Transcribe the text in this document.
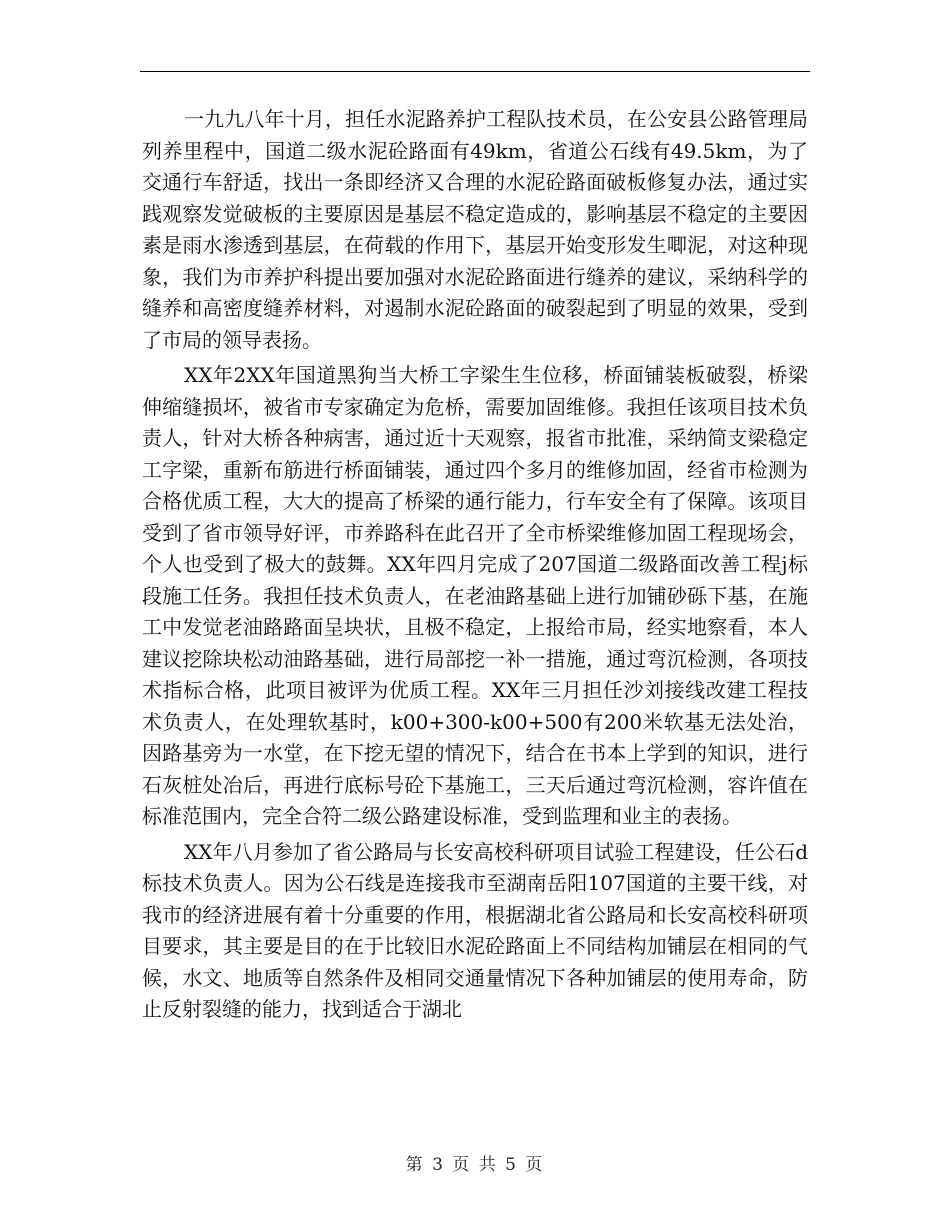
一九九八年十月，担任水泥路养护工程队技术员，在公安县公路管理局列养里程中，国道二级水泥砼路面有49km，省道公石线有49.5km，为了交通行车舒适，找出一条即经济又合理的水泥砼路面破板修复办法，通过实践观察发觉破板的主要原因是基层不稳定造成的，影响基层不稳定的主要因素是雨水渗透到基层，在荷载的作用下，基层开始变形发生唧泥，对这种现象，我们为市养护科提出要加强对水泥砼路面进行缝养的建议，采纳科学的缝养和高密度缝养材料，对遏制水泥砼路面的破裂起到了明显的效果，受到了市局的领导表扬。

XX年2XX年国道黑狗当大桥工字梁生生位移，桥面铺装板破裂，桥梁伸缩缝损坏，被省市专家确定为危桥，需要加固维修。我担任该项目技术负责人，针对大桥各种病害，通过近十天观察，报省市批准，采纳简支梁稳定工字梁，重新布筋进行桥面铺装，通过四个多月的维修加固，经省市检测为合格优质工程，大大的提高了桥梁的通行能力，行车安全有了保障。该项目受到了省市领导好评，市养路科在此召开了全市桥梁维修加固工程现场会，个人也受到了极大的鼓舞。XX年四月完成了207国道二级路面改善工程j标段施工任务。我担任技术负责人，在老油路基础上进行加铺砂砾下基，在施工中发觉老油路路面呈块状，且极不稳定，上报给市局，经实地察看，本人建议挖除块松动油路基础，进行局部挖一补一措施，通过弯沉检测，各项技术指标合格，此项目被评为优质工程。XX年三月担任沙刘接线改建工程技术负责人，在处理软基时，k00+300-k00+500有200米软基无法处治，因路基旁为一水堂，在下挖无望的情况下，结合在书本上学到的知识，进行石灰桩处冶后，再进行底标号砼下基施工，三天后通过弯沉检测，容许值在标准范围内，完全合符二级公路建设标准，受到监理和业主的表扬。

XX年八月参加了省公路局与长安高校科研项目试验工程建设，任公石d标技术负责人。因为公石线是连接我市至湖南岳阳107国道的主要干线，对我市的经济进展有着十分重要的作用，根据湖北省公路局和长安高校科研项目要求，其主要是目的在于比较旧水泥砼路面上不同结构加铺层在相同的气候，水文、地质等自然条件及相同交通量情况下各种加铺层的使用寿命，防止反射裂缝的能力，找到适合于湖北

第 3 页 共 5 页
